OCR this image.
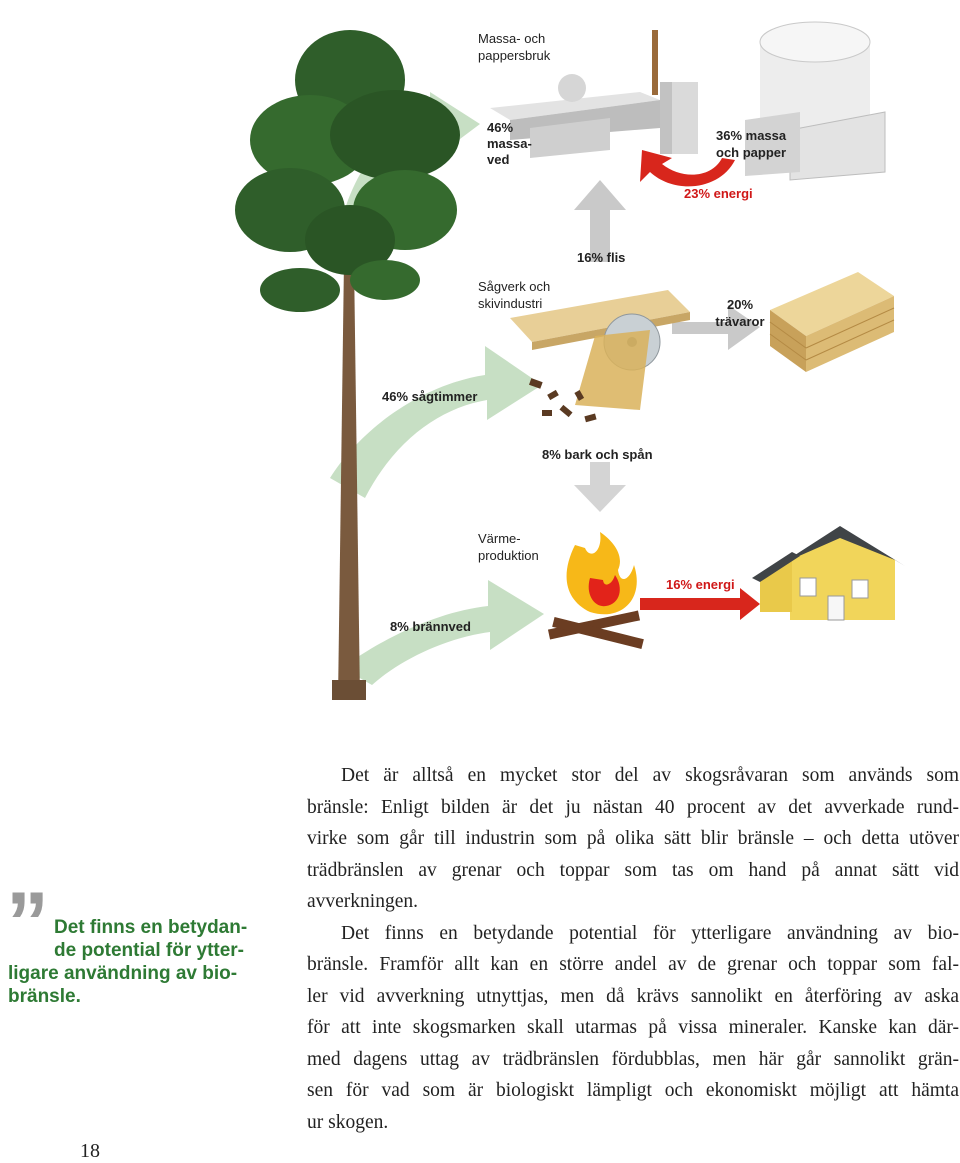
Massa- och
pappersbruk
46%
massa-
ved
36% massa
och papper
23% energi
16% flis
Sågverk och
skivindustri	20%
trävaror
46% sågtimmer
8% bark och spån
Värme-
produktion
16% energi
8% brännved
” Det finns en betydan-
de potential för ytter-
ligare användning av bio-
bränsle.
Det är alltså en mycket stor del av skogsråvaran som används som
bränsle: Enligt bilden är det ju nästan 40 procent av det avverkade rund-
virke som går till industrin som på olika sätt blir bränsle – och detta utöver
trädbränslen av grenar och toppar som tas om hand på annat sätt vid
avverkningen.
Det finns en betydande potential för ytterligare användning av bio-
bränsle. Framför allt kan en större andel av de grenar och toppar som fal-
ler vid avverkning utnyttjas, men då krävs sannolikt en återföring av aska
för att inte skogsmarken skall utarmas på vissa mineraler. Kanske kan där-
med dagens uttag av trädbränslen fördubblas, men här går sannolikt grän-
sen för vad som är biologiskt lämpligt och ekonomiskt möjligt att hämta
ur skogen.
18
